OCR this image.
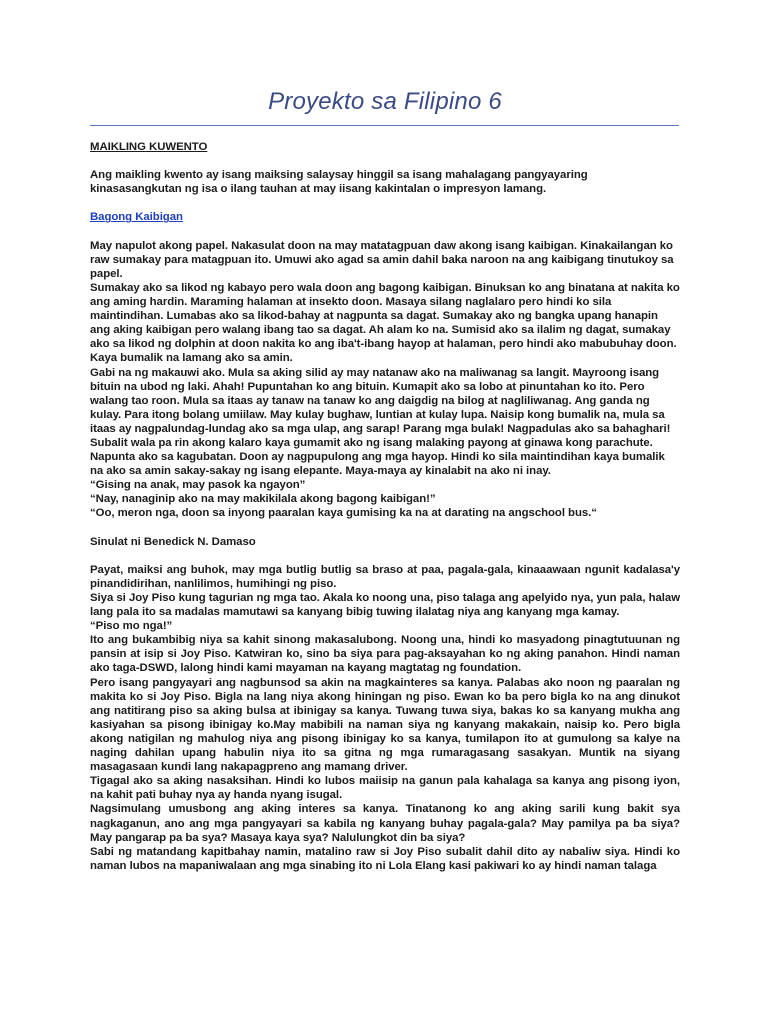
Proyekto sa Filipino 6

MAIKLING KUWENTO

Ang maikling kwento ay isang maiksing salaysay hinggil sa isang mahalagang pangyayaring kinasasangkutan ng isa o ilang tauhan at may iisang kakintalan o impresyon lamang.

Bagong Kaibigan

May napulot akong papel. Nakasulat doon na may matatagpuan daw akong isang kaibigan. Kinakailangan ko raw sumakay para matagpuan ito. Umuwi ako agad sa amin dahil baka naroon na ang kaibigang tinutukoy sa papel.

Sumakay ako sa likod ng kabayo pero wala doon ang bagong kaibigan. Binuksan ko ang binatana at nakita ko ang aming hardin. Maraming halaman at insekto doon. Masaya silang naglalaro pero hindi ko sila maintindihan. Lumabas ako sa likod-bahay at nagpunta sa dagat. Sumakay ako ng bangka upang hanapin ang aking kaibigan pero walang ibang tao sa dagat. Ah alam ko na. Sumisid ako sa ilalim ng dagat, sumakay ako sa likod ng dolphin at doon nakita ko ang iba't-ibang hayop at halaman, pero hindi ako mabubuhay doon. Kaya bumalik na lamang ako sa amin.

Gabi na ng makauwi ako. Mula sa aking silid ay may natanaw ako na maliwanag sa langit. Mayroong isang bituin na ubod ng laki. Ahah! Pupuntahan ko ang bituin. Kumapit ako sa lobo at pinuntahan ko ito. Pero walang tao roon. Mula sa itaas ay tanaw na tanaw ko ang daigdig na bilog at nagliliwanag. Ang ganda ng kulay. Para itong bolang umiilaw. May kulay bughaw, luntian at kulay lupa. Naisip kong bumalik na, mula sa itaas ay nagpalundag-lundag ako sa mga ulap, ang sarap! Parang mga bulak! Nagpadulas ako sa bahaghari! Subalit wala pa rin akong kalaro kaya gumamit ako ng isang malaking payong at ginawa kong parachute. Napunta ako sa kagubatan. Doon ay nagpupulong ang mga hayop. Hindi ko sila maintindihan kaya bumalik na ako sa amin sakay-sakay ng isang elepante. Maya-maya ay kinalabit na ako ni inay.

“Gising na anak, may pasok ka ngayon”

“Nay, nanaginip ako na may makikilala akong bagong kaibigan!”

“Oo, meron nga, doon sa inyong paaralan kaya gumising ka na at darating na angschool bus.“

Sinulat ni Benedick N. Damaso

Payat, maiksi ang buhok, may mga butlig butlig sa braso at paa, pagala-gala, kinaaawaan ngunit kadalasa'y pinandidirihan, nanlilimos, humihingi ng piso.

Siya si Joy Piso kung tagurian ng mga tao. Akala ko noong una, piso talaga ang apelyido nya, yun pala, halaw lang pala ito sa madalas mamutawi sa kanyang bibig tuwing ilalatag niya ang kanyang mga kamay.

“Piso mo nga!”

Ito ang bukambibig niya sa kahit sinong makasalubong. Noong una, hindi ko masyadong pinagtutuunan ng pansin at isip si Joy Piso. Katwiran ko, sino ba siya para pag-aksayahan ko ng aking panahon. Hindi naman ako taga-DSWD, lalong hindi kami mayaman na kayang magtatag ng foundation.

Pero isang pangyayari ang nagbunsod sa akin na magkainteres sa kanya. Palabas ako noon ng paaralan ng makita ko si Joy Piso. Bigla na lang niya akong hiningan ng piso. Ewan ko ba pero bigla ko na ang dinukot ang natitirang piso sa aking bulsa at ibinigay sa kanya. Tuwang tuwa siya, bakas ko sa kanyang mukha ang kasiyahan sa pisong ibinigay ko.May mabibili na naman siya ng kanyang makakain, naisip ko. Pero bigla akong natigilan ng mahulog niya ang pisong ibinigay ko sa kanya, tumilapon ito at gumulong sa kalye na naging dahilan upang habulin niya ito sa gitna ng mga rumaragasang sasakyan. Muntik na siyang masagasaan kundi lang nakapagpreno ang mamang driver.

Tigagal ako sa aking nasaksihan. Hindi ko lubos maiisip na ganun pala kahalaga sa kanya ang pisong iyon, na kahit pati buhay nya ay handa nyang isugal.

Nagsimulang umusbong ang aking interes sa kanya. Tinatanong ko ang aking sarili kung bakit sya nagkaganun, ano ang mga pangyayari sa kabila ng kanyang buhay pagala-gala? May pamilya pa ba siya? May pangarap pa ba sya? Masaya kaya sya? Nalulungkot din ba siya?

Sabi ng matandang kapitbahay namin, matalino raw si Joy Piso subalit dahil dito ay nabaliw siya. Hindi ko naman lubos na mapaniwalaan ang mga sinabing ito ni Lola Elang kasi pakiwari ko ay hindi naman talaga
